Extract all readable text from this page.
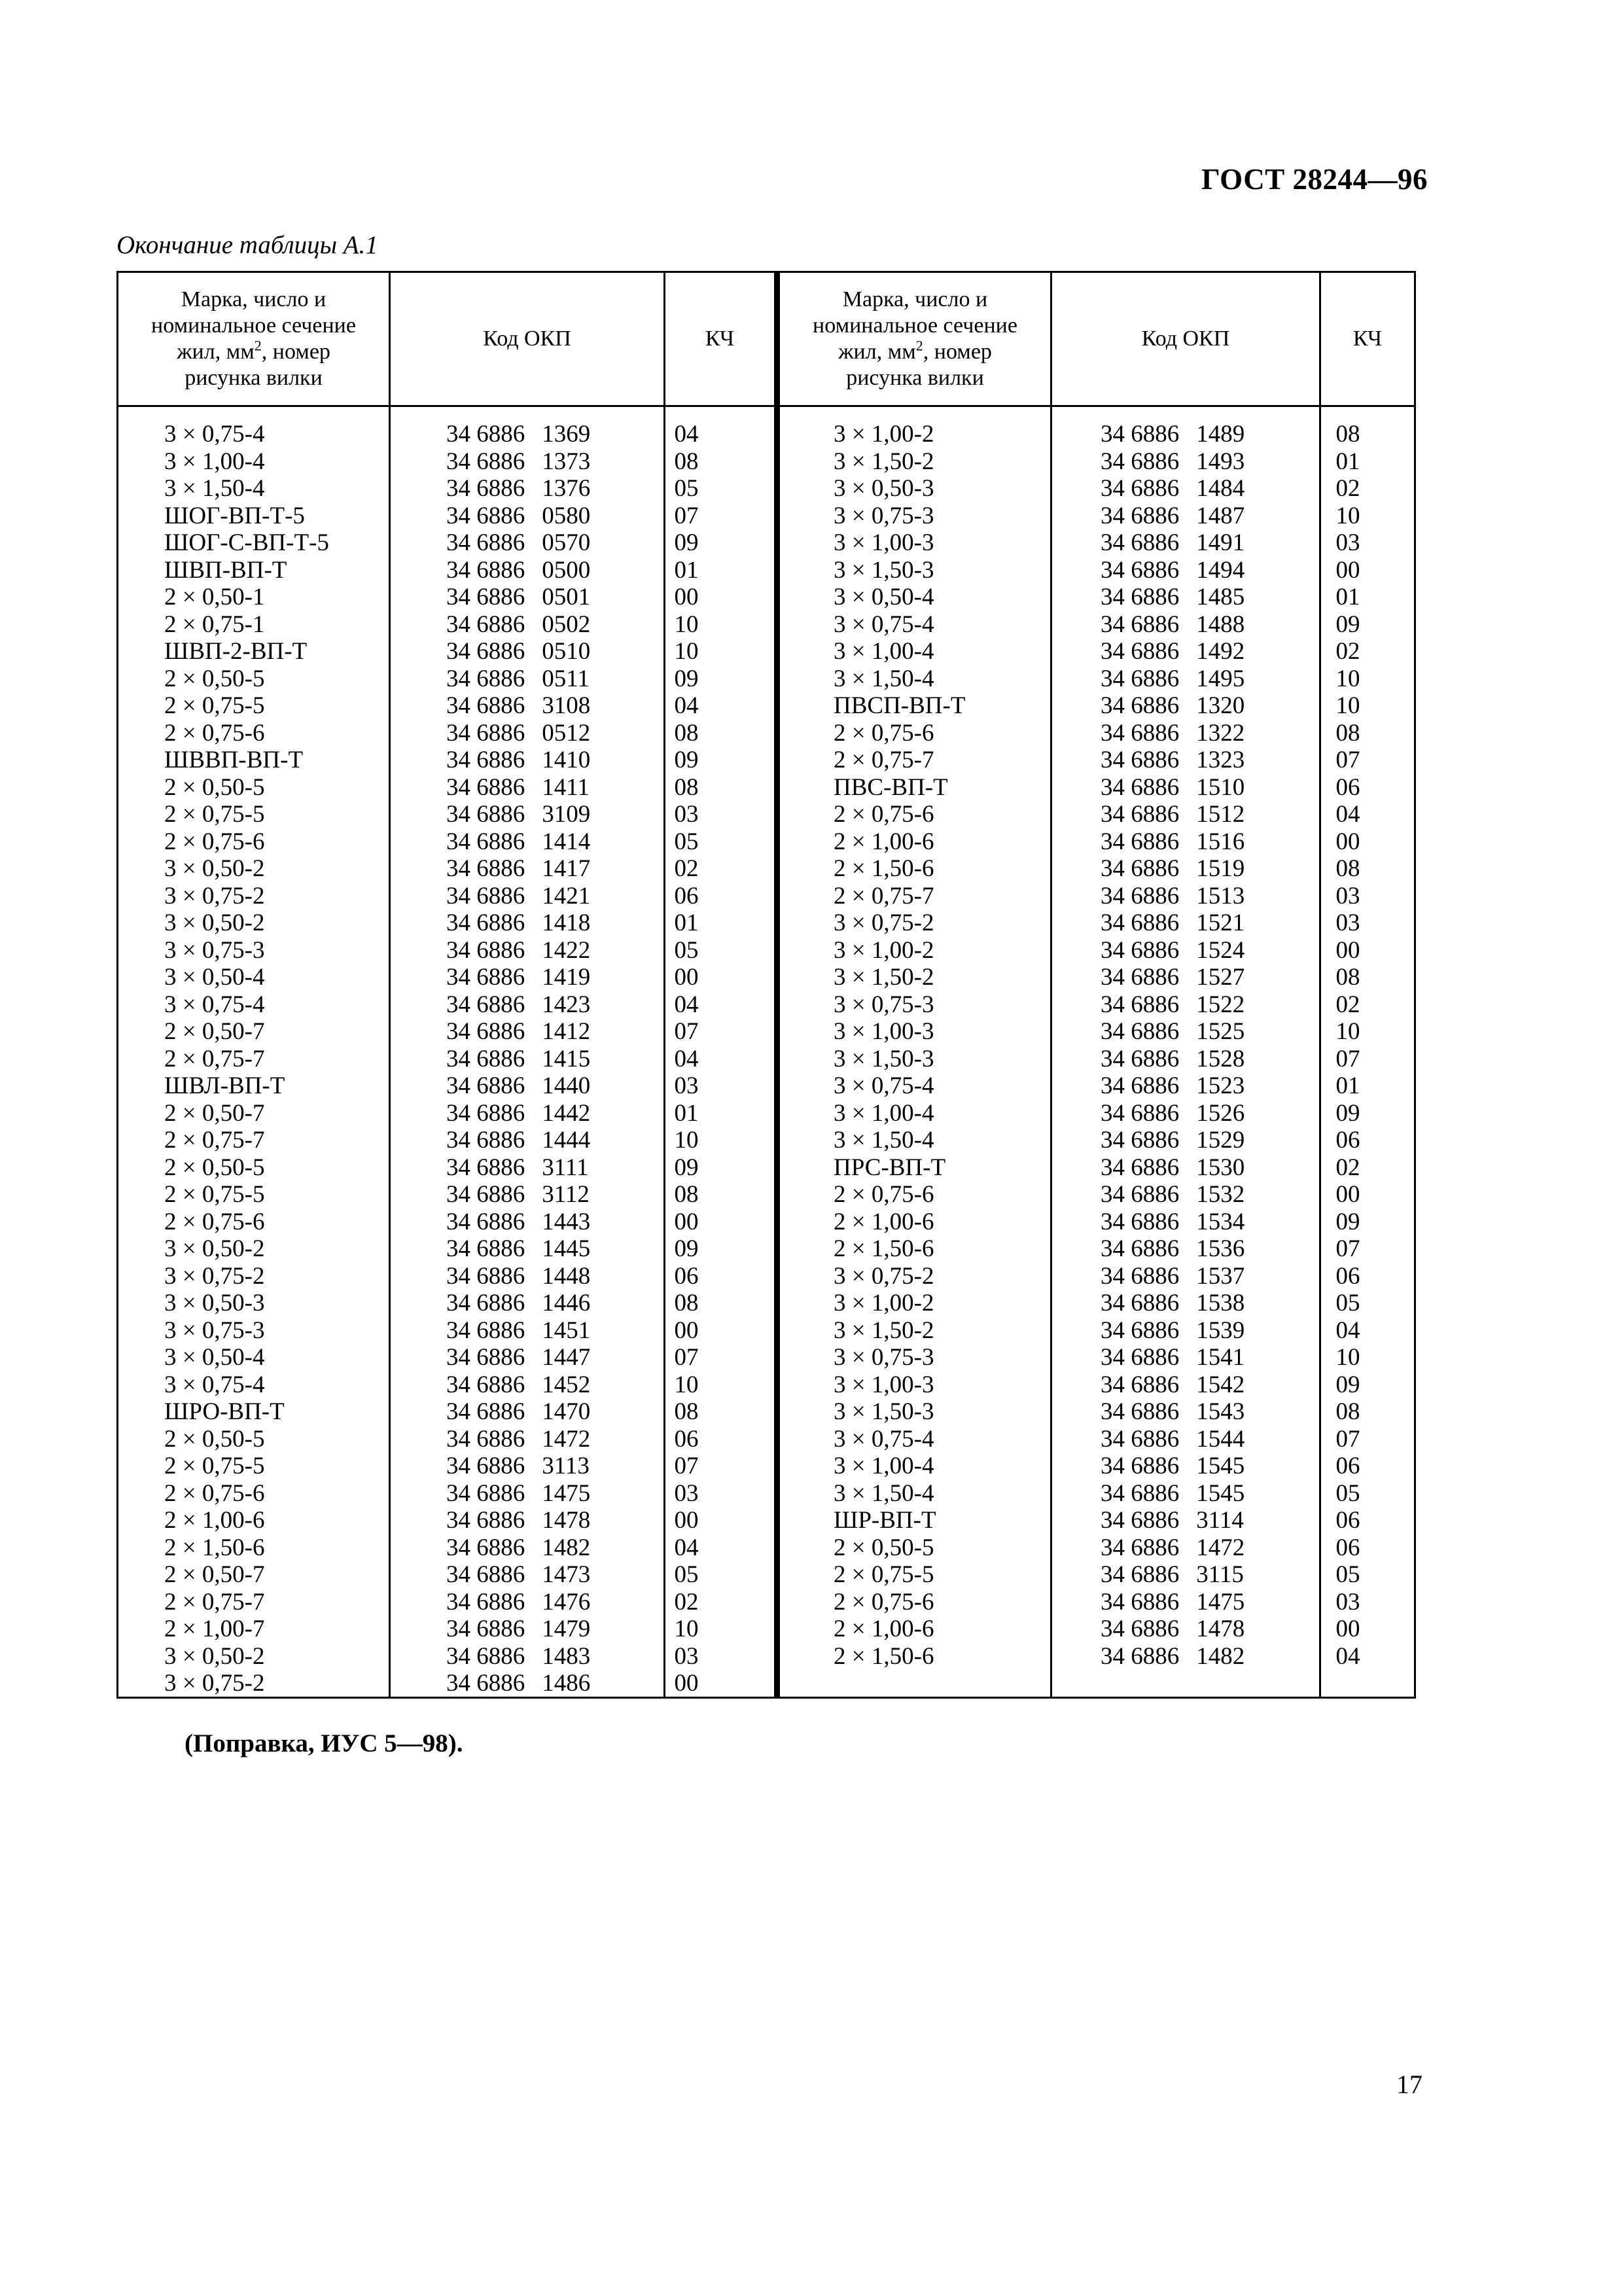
ГОСТ 28244—96
Окончание таблицы А.1
Марка, число и
номинальное сечение
жил, $мм^2$, номер
рисунка вилки
Код ОКП	КЧ
Марка, число и
номинальное сечение
жил, $мм^2$, номер
рисунка вилки
Код ОКП	КЧ
3 × 0,75-4	34 6886 1369	04	3 × 1,00-2	34 6886 1489	08
3 × 1,00-4	34 6886 1373	08	3 × 1,50-2	34 6886 1493	01
3 × 1,50-4	34 6886 1376	05	3 × 0,50-3	34 6886 1484	02
ШОГ-ВП-Т-5	34 6886 0580	07	3 × 0,75-3	34 6886 1487	10
ШОГ-С-ВП-Т-5	34 6886 0570	09	3 × 1,00-3	34 6886 1491	03
ШВП-ВП-Т	34 6886 0500	01	3 × 1,50-3	34 6886 1494	00
2 × 0,50-1	34 6886 0501	00	3 × 0,50-4	34 6886 1485	01
2 × 0,75-1	34 6886 0502	10	3 × 0,75-4	34 6886 1488	09
ШВП-2-ВП-Т	34 6886 0510	10	3 × 1,00-4	34 6886 1492	02
2 × 0,50-5	34 6886 0511	09	3 × 1,50-4	34 6886 1495	10
2 × 0,75-5	34 6886 3108	04	ПВСП-ВП-Т	34 6886 1320	10
2 × 0,75-6	34 6886 0512	08	2 × 0,75-6	34 6886 1322	08
ШВВП-ВП-Т	34 6886 1410	09	2 × 0,75-7	34 6886 1323	07
2 × 0,50-5	34 6886 1411	08	ПВС-ВП-Т	34 6886 1510	06
2 × 0,75-5	34 6886 3109	03	2 × 0,75-6	34 6886 1512	04
2 × 0,75-6	34 6886 1414	05	2 × 1,00-6	34 6886 1516	00
3 × 0,50-2	34 6886 1417	02	2 × 1,50-6	34 6886 1519	08
3 × 0,75-2	34 6886 1421	06	2 × 0,75-7	34 6886 1513	03
3 × 0,50-2	34 6886 1418	01	3 × 0,75-2	34 6886 1521	03
3 × 0,75-3	34 6886 1422	05	3 × 1,00-2	34 6886 1524	00
3 × 0,50-4	34 6886 1419	00	3 × 1,50-2	34 6886 1527	08
3 × 0,75-4	34 6886 1423	04	3 × 0,75-3	34 6886 1522	02
2 × 0,50-7	34 6886 1412	07	3 × 1,00-3	34 6886 1525	10
2 × 0,75-7	34 6886 1415	04	3 × 1,50-3	34 6886 1528	07
ШВЛ-ВП-Т	34 6886 1440	03	3 × 0,75-4	34 6886 1523	01
2 × 0,50-7	34 6886 1442	01	3 × 1,00-4	34 6886 1526	09
2 × 0,75-7	34 6886 1444	10	3 × 1,50-4	34 6886 1529	06
2 × 0,50-5	34 6886 3111	09	ПРС-ВП-Т	34 6886 1530	02
2 × 0,75-5	34 6886 3112	08	2 × 0,75-6	34 6886 1532	00
2 × 0,75-6	34 6886 1443	00	2 × 1,00-6	34 6886 1534	09
3 × 0,50-2	34 6886 1445	09	2 × 1,50-6	34 6886 1536	07
3 × 0,75-2	34 6886 1448	06	3 × 0,75-2	34 6886 1537	06
3 × 0,50-3	34 6886 1446	08	3 × 1,00-2	34 6886 1538	05
3 × 0,75-3	34 6886 1451	00	3 × 1,50-2	34 6886 1539	04
3 × 0,50-4	34 6886 1447	07	3 × 0,75-3	34 6886 1541	10
3 × 0,75-4	34 6886 1452	10	3 × 1,00-3	34 6886 1542	09
ШРО-ВП-Т	34 6886 1470	08	3 × 1,50-3	34 6886 1543	08
2 × 0,50-5	34 6886 1472	06	3 × 0,75-4	34 6886 1544	07
2 × 0,75-5	34 6886 3113	07	3 × 1,00-4	34 6886 1545	06
2 × 0,75-6	34 6886 1475	03	3 × 1,50-4	34 6886 1545	05
2 × 1,00-6	34 6886 1478	00	ШР-ВП-Т	34 6886 3114	06
2 × 1,50-6	34 6886 1482	04	2 × 0,50-5	34 6886 1472	06
2 × 0,50-7	34 6886 1473	05	2 × 0,75-5	34 6886 3115	05
2 × 0,75-7	34 6886 1476	02	2 × 0,75-6	34 6886 1475	03
2 × 1,00-7	34 6886 1479	10	2 × 1,00-6	34 6886 1478	00
3 × 0,50-2	34 6886 1483	03	2 × 1,50-6	34 6886 1482	04
3 × 0,75-2	34 6886 1486	00
(Поправка, ИУС 5—98).
17
